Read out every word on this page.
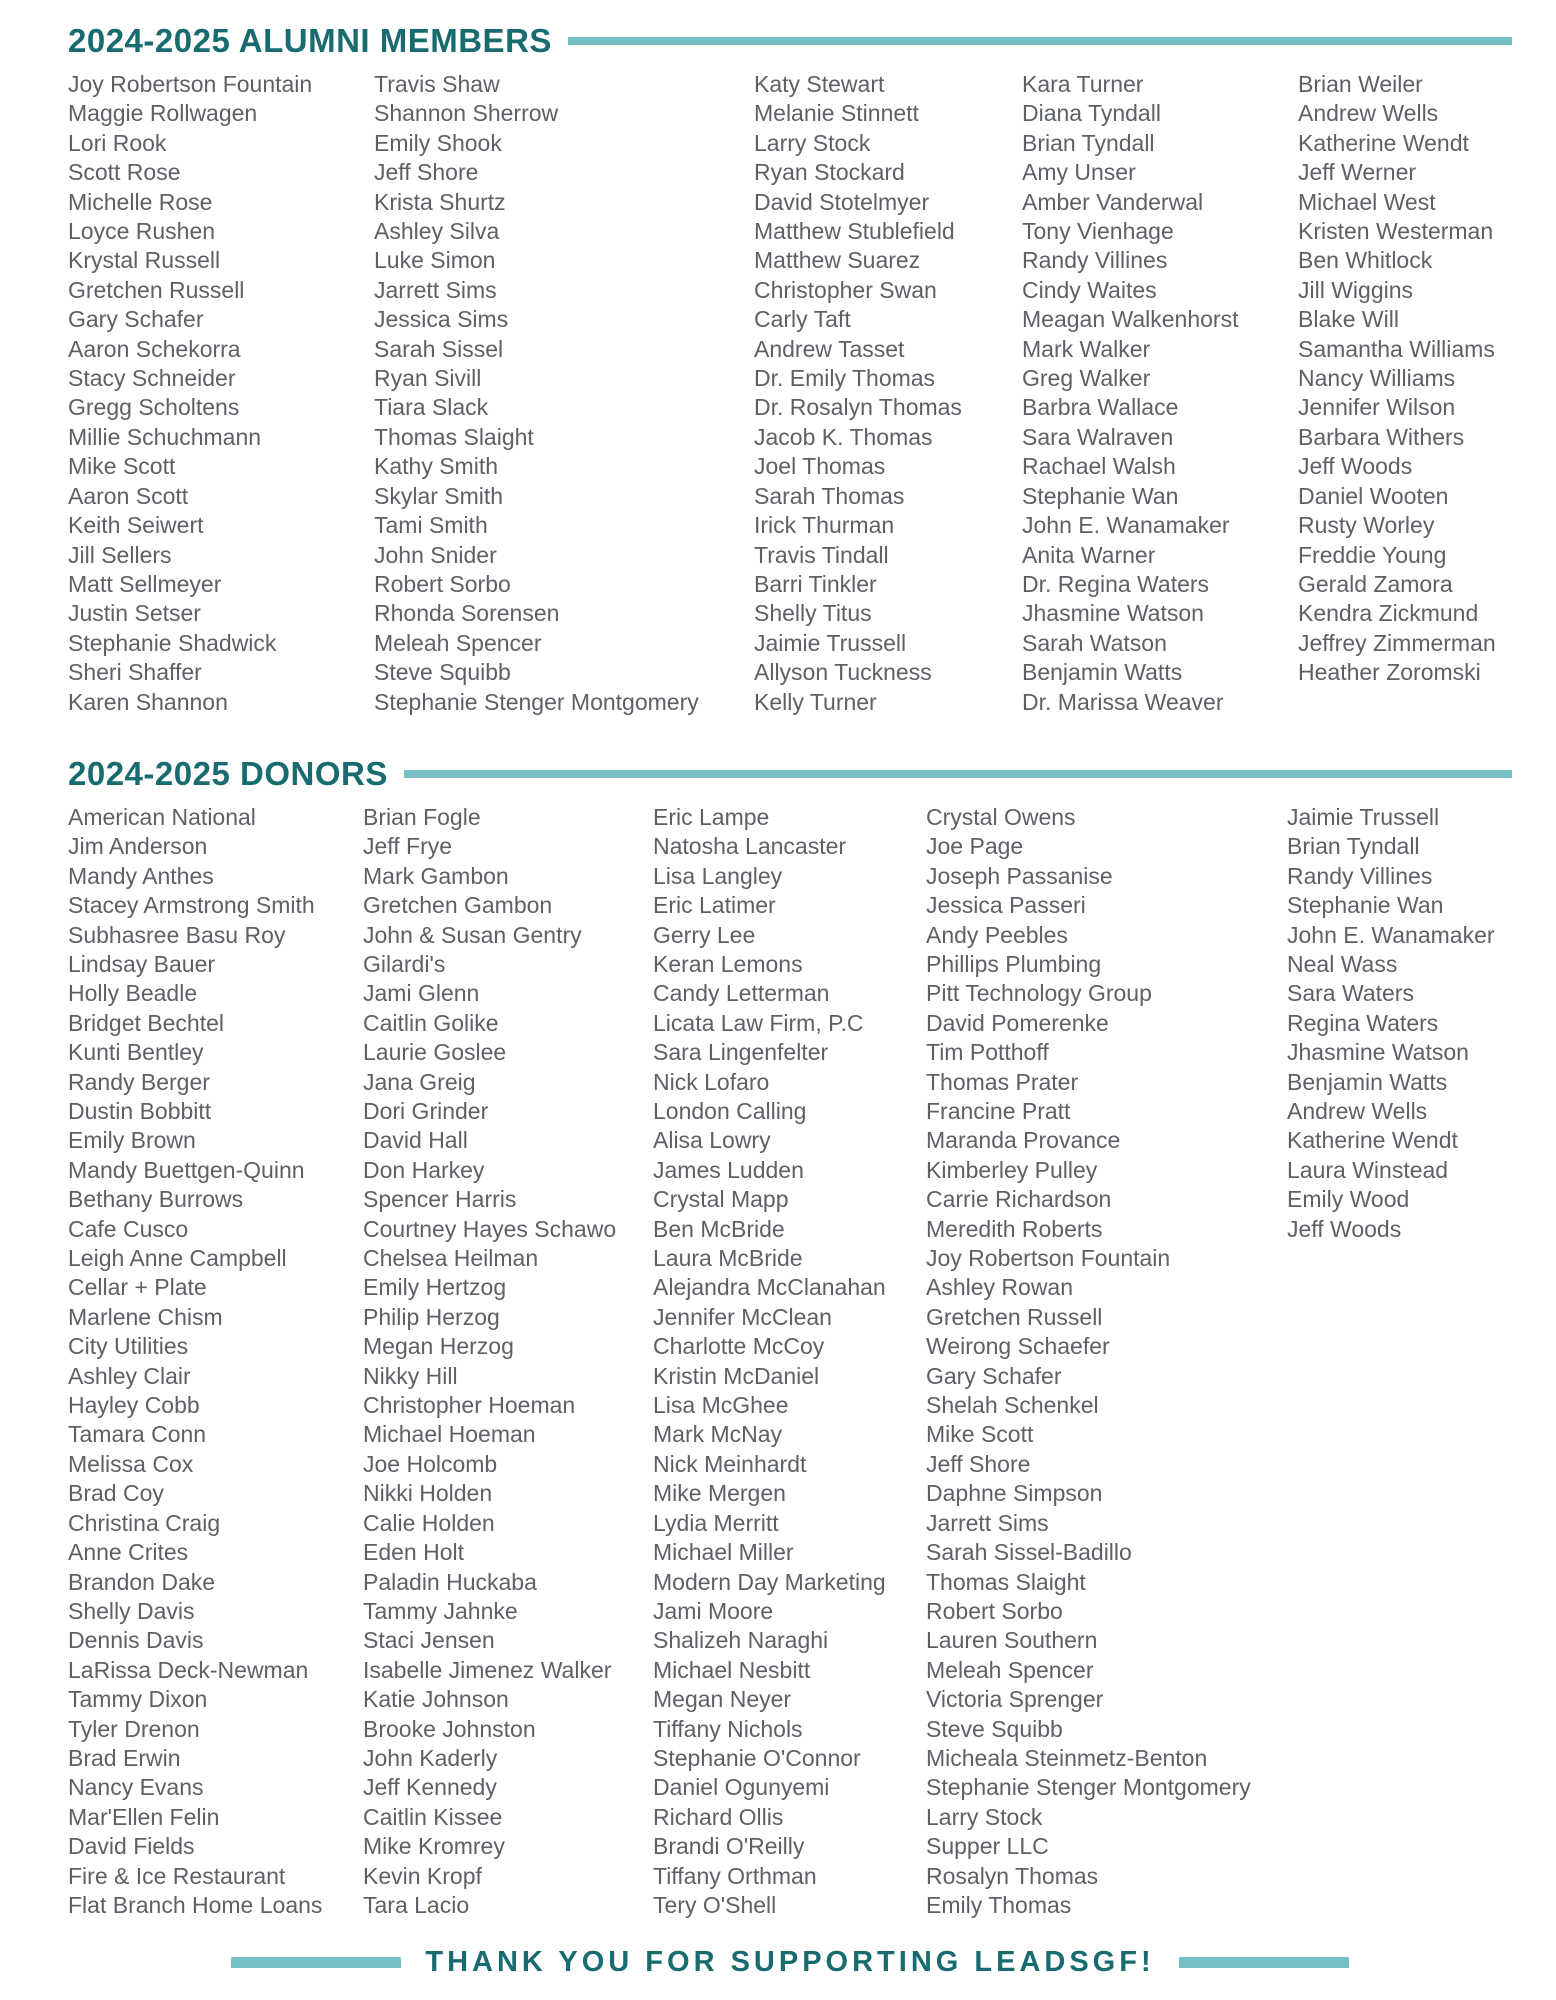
2024-2025 ALUMNI MEMBERS
Joy Robertson Fountain
Maggie Rollwagen
Lori Rook
Scott Rose
Michelle Rose
Loyce Rushen
Krystal Russell
Gretchen Russell
Gary Schafer
Aaron Schekorra
Stacy Schneider
Gregg Scholtens
Millie Schuchmann
Mike Scott
Aaron Scott
Keith Seiwert
Jill Sellers
Matt Sellmeyer
Justin Setser
Stephanie Shadwick
Sheri Shaffer
Karen Shannon
Travis Shaw
Shannon Sherrow
Emily Shook
Jeff Shore
Krista Shurtz
Ashley Silva
Luke Simon
Jarrett Sims
Jessica Sims
Sarah Sissel
Ryan Sivill
Tiara Slack
Thomas Slaight
Kathy Smith
Skylar Smith
Tami Smith
John Snider
Robert Sorbo
Rhonda Sorensen
Meleah Spencer
Steve Squibb
Stephanie Stenger Montgomery
Katy Stewart
Melanie Stinnett
Larry Stock
Ryan Stockard
David Stotelmyer
Matthew Stublefield
Matthew Suarez
Christopher Swan
Carly Taft
Andrew Tasset
Dr. Emily Thomas
Dr. Rosalyn Thomas
Jacob K. Thomas
Joel Thomas
Sarah Thomas
Irick Thurman
Travis Tindall
Barri Tinkler
Shelly Titus
Jaimie Trussell
Allyson Tuckness
Kelly Turner
Kara Turner
Diana Tyndall
Brian Tyndall
Amy Unser
Amber Vanderwal
Tony Vienhage
Randy Villines
Cindy Waites
Meagan Walkenhorst
Mark Walker
Greg Walker
Barbra Wallace
Sara Walraven
Rachael Walsh
Stephanie Wan
John E. Wanamaker
Anita Warner
Dr. Regina Waters
Jhasmine Watson
Sarah Watson
Benjamin Watts
Dr. Marissa Weaver
Brian Weiler
Andrew Wells
Katherine Wendt
Jeff Werner
Michael West
Kristen Westerman
Ben Whitlock
Jill Wiggins
Blake Will
Samantha Williams
Nancy Williams
Jennifer Wilson
Barbara Withers
Jeff Woods
Daniel Wooten
Rusty Worley
Freddie Young
Gerald Zamora
Kendra Zickmund
Jeffrey Zimmerman
Heather Zoromski
2024-2025 DONORS
American National
Jim Anderson
Mandy Anthes
Stacey Armstrong Smith
Subhasree Basu Roy
Lindsay Bauer
Holly Beadle
Bridget Bechtel
Kunti Bentley
Randy Berger
Dustin Bobbitt
Emily Brown
Mandy Buettgen-Quinn
Bethany Burrows
Cafe Cusco
Leigh Anne Campbell
Cellar + Plate
Marlene Chism
City Utilities
Ashley Clair
Hayley Cobb
Tamara Conn
Melissa Cox
Brad Coy
Christina Craig
Anne Crites
Brandon Dake
Shelly Davis
Dennis Davis
LaRissa Deck-Newman
Tammy Dixon
Tyler Drenon
Brad Erwin
Nancy Evans
Mar'Ellen Felin
David Fields
Fire & Ice Restaurant
Flat Branch Home Loans
Brian Fogle
Jeff Frye
Mark Gambon
Gretchen Gambon
John & Susan Gentry
Gilardi's
Jami Glenn
Caitlin Golike
Laurie Goslee
Jana Greig
Dori Grinder
David Hall
Don Harkey
Spencer Harris
Courtney Hayes Schawo
Chelsea Heilman
Emily Hertzog
Philip Herzog
Megan Herzog
Nikky Hill
Christopher Hoeman
Michael Hoeman
Joe Holcomb
Nikki Holden
Calie Holden
Eden Holt
Paladin Huckaba
Tammy Jahnke
Staci Jensen
Isabelle Jimenez Walker
Katie Johnson
Brooke Johnston
John Kaderly
Jeff Kennedy
Caitlin Kissee
Mike Kromrey
Kevin Kropf
Tara Lacio
Eric Lampe
Natosha Lancaster
Lisa Langley
Eric Latimer
Gerry Lee
Keran Lemons
Candy Letterman
Licata Law Firm, P.C
Sara Lingenfelter
Nick Lofaro
London Calling
Alisa Lowry
James Ludden
Crystal Mapp
Ben McBride
Laura McBride
Alejandra McClanahan
Jennifer McClean
Charlotte McCoy
Kristin McDaniel
Lisa McGhee
Mark McNay
Nick Meinhardt
Mike Mergen
Lydia Merritt
Michael Miller
Modern Day Marketing
Jami Moore
Shalizeh Naraghi
Michael Nesbitt
Megan Neyer
Tiffany Nichols
Stephanie O'Connor
Daniel Ogunyemi
Richard Ollis
Brandi O'Reilly
Tiffany Orthman
Tery O'Shell
Crystal Owens
Joe Page
Joseph Passanise
Jessica Passeri
Andy Peebles
Phillips Plumbing
Pitt Technology Group
David Pomerenke
Tim Potthoff
Thomas Prater
Francine Pratt
Maranda Provance
Kimberley Pulley
Carrie Richardson
Meredith Roberts
Joy Robertson Fountain
Ashley Rowan
Gretchen Russell
Weirong Schaefer
Gary Schafer
Shelah Schenkel
Mike Scott
Jeff Shore
Daphne Simpson
Jarrett Sims
Sarah Sissel-Badillo
Thomas Slaight
Robert Sorbo
Lauren Southern
Meleah Spencer
Victoria Sprenger
Steve Squibb
Micheala Steinmetz-Benton
Stephanie Stenger Montgomery
Larry Stock
Supper LLC
Rosalyn Thomas
Emily Thomas
Jaimie Trussell
Brian Tyndall
Randy Villines
Stephanie Wan
John E. Wanamaker
Neal Wass
Sara Waters
Regina Waters
Jhasmine Watson
Benjamin Watts
Andrew Wells
Katherine Wendt
Laura Winstead
Emily Wood
Jeff Woods
THANK YOU FOR SUPPORTING LEADSGF!
